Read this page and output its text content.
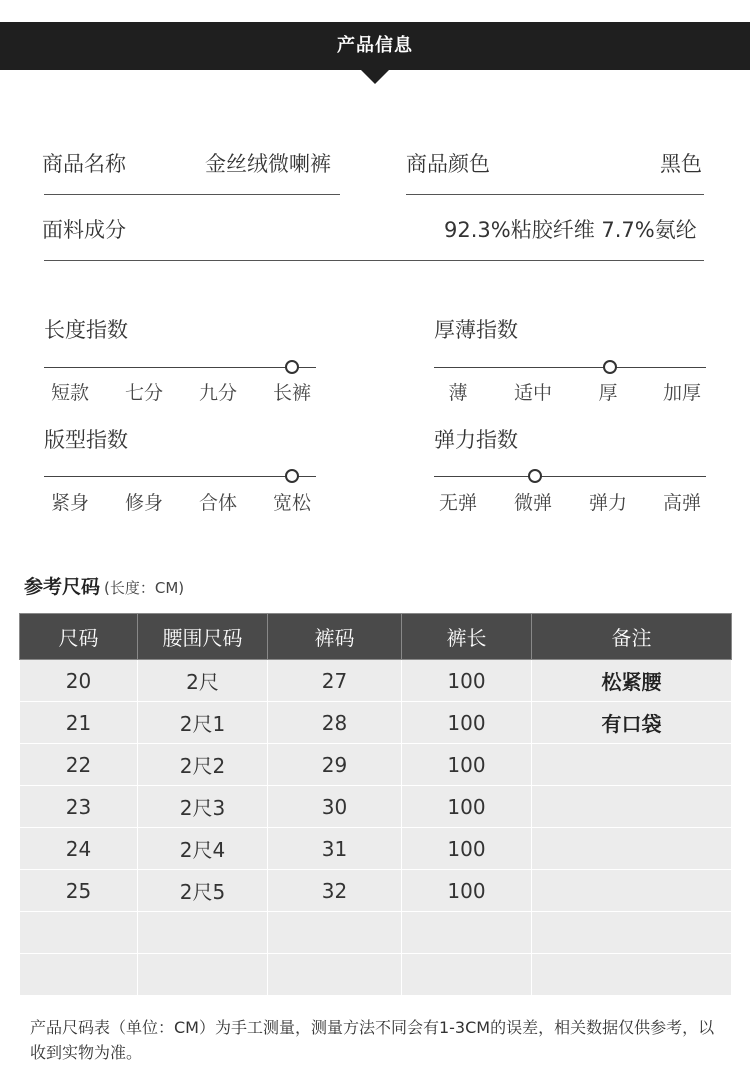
产品信息
商品名称	金丝绒微喇裤	商品颜色	黑色
面料成分	92.3%粘胶纤维 7.7%氨纶
长度指数
短款	七分	九分	长裤
厚薄指数
薄	适中	厚	加厚
版型指数
紧身	修身	合体	宽松
弹力指数
无弹	微弹	弹力	高弹
参考尺码 (长度：CM)
尺码	腰围尺码	裤码	裤长	备注
20	2尺	27	100	松紧腰
21	2尺1	28	100	有口袋
22	2尺2	29	100	
23	2尺3	30	100	
24	2尺4	31	100	
25	2尺5	32	100	

产品尺码表（单位：CM）为手工测量，测量方法不同会有1-3CM的误差，相关数据仅供参考，以收到实物为准。
